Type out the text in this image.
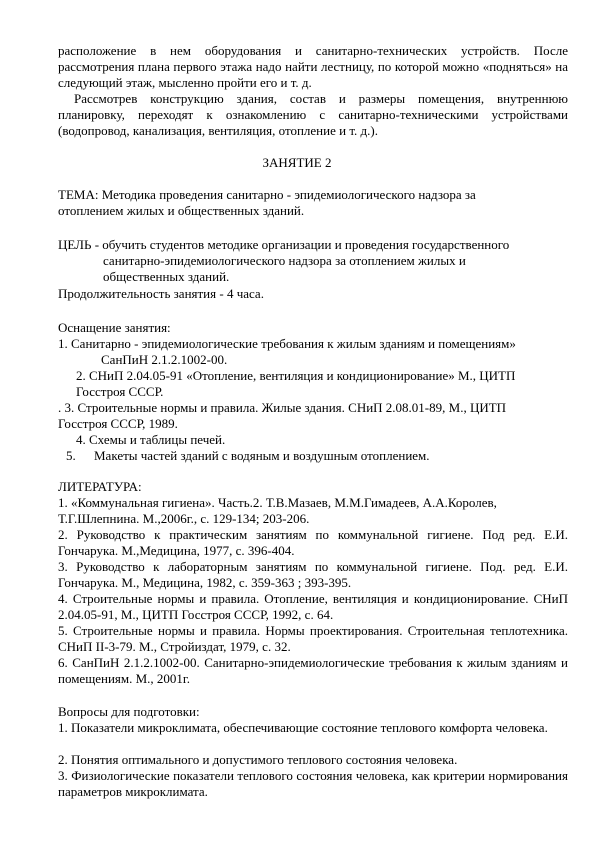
расположение в нем оборудования и санитарно-технических устройств. После рассмотрения плана первого этажа надо найти лестницу, по которой можно «подняться» на следующий этаж, мысленно пройти его и т. д.

Рассмотрев конструкцию здания, состав и размеры помещения, внутреннюю планировку, переходят к ознакомлению с санитарно-техническими устройствами (водопровод, канализация, вентиляция, отопление и т. д.).

ЗАНЯТИЕ 2
ТЕМА: Методика проведения санитарно - эпидемиологического надзора за
отоплением жилых и общественных зданий.
ЦЕЛЬ - обучить студентов методике организации и проведения государственного
санитарно-эпидемиологического надзора за отоплением жилых и
общественных зданий.
Продолжительность занятия - 4 часа.
Оснащение занятия:
1. Санитарно - эпидемиологические требования к жилым зданиям и помещениям»
СанПиН 2.1.2.1002-00.
2. СНиП 2.04.05-91 «Отопление, вентиляция и кондиционирование» М., ЦИТП
Госстроя СССР.
. 3. Строительные нормы и правила. Жилые здания. СНиП 2.08.01-89, М., ЦИТП
Госстроя СССР, 1989.
4. Схемы и таблицы печей.
5. Макеты частей зданий с водяным и воздушным отоплением.
ЛИТЕРАТУРА:
1. «Коммунальная гигиена». Часть.2. Т.В.Мазаев, М.М.Гимадеев, А.А.Королев,
Т.Г.Шлепнина. М.,2006г., с. 129-134; 203-206.

2. Руководство к практическим занятиям по коммунальной гигиене. Под ред. Е.И. Гончарука. М.,Медицина, 1977, с. 396-404.

3. Руководство к лабораторным занятиям по коммунальной гигиене. Под. ред. Е.И. Гончарука. М., Медицина, 1982, с. 359-363 ; 393-395.

4. Строительные нормы и правила. Отопление, вентиляция и кондиционирование. СНиП 2.04.05-91, М., ЦИТП Госстроя СССР, 1992, с. 64.

5. Строительные нормы и правила. Нормы проектирования. Строительная теплотехника. СНиП II-3-79. М., Стройиздат, 1979, с. 32.

6. СанПиН 2.1.2.1002-00. Санитарно-эпидемиологические требования к жилым зданиям и помещениям. М., 2001г.

Вопросы для подготовки:

1. Показатели микроклимата, обеспечивающие состояние теплового комфорта человека.

2. Понятия оптимального и допустимого теплового состояния человека.

3. Физиологические показатели теплового состояния человека, как критерии нормирования параметров микроклимата.
